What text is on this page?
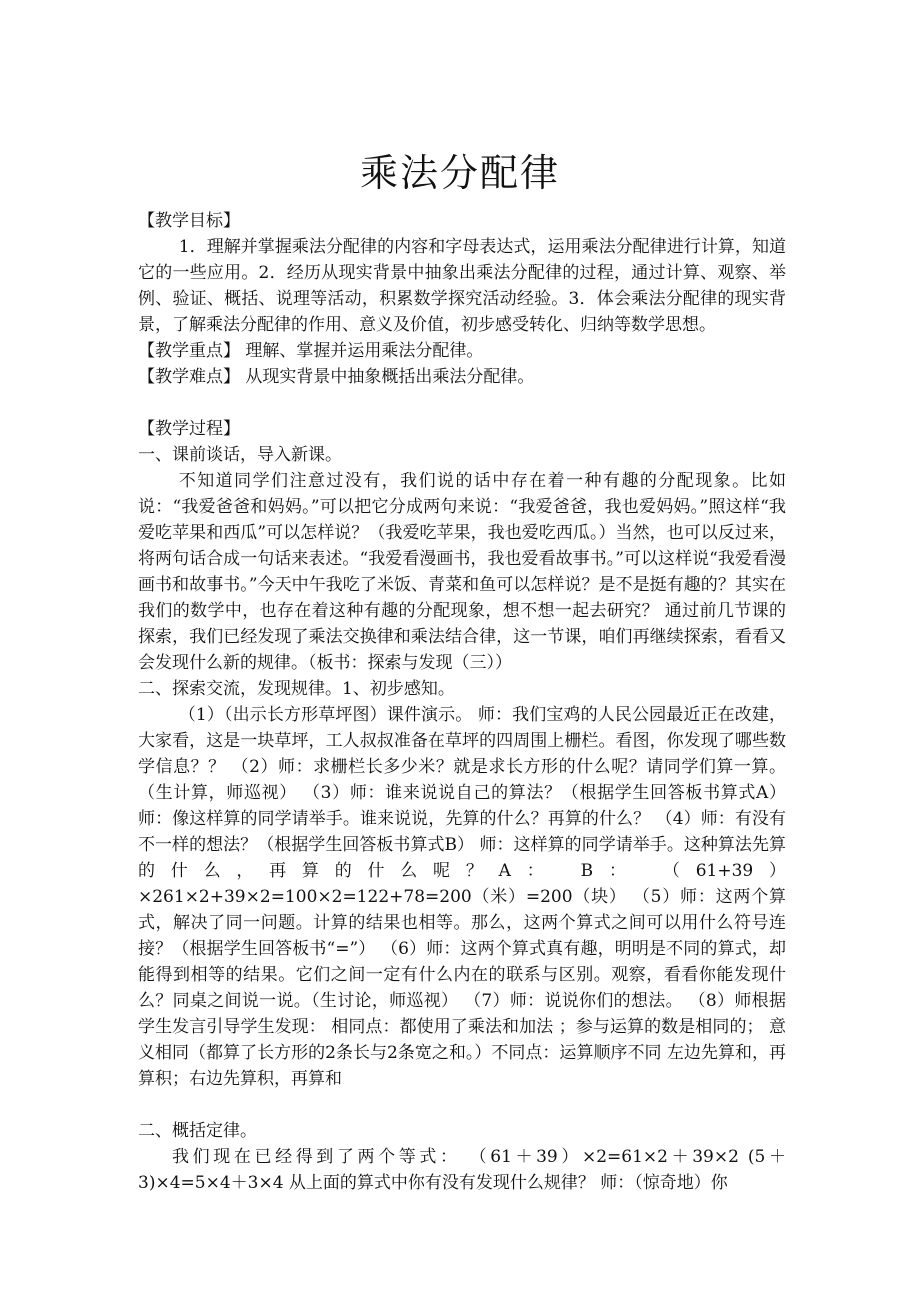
乘法分配律

【教学目标】

1．理解并掌握乘法分配律的内容和字母表达式，运用乘法分配律进行计算，知道它的一些应用。2．经历从现实背景中抽象出乘法分配律的过程，通过计算、观察、举例、验证、概括、说理等活动，积累数学探究活动经验。3．体会乘法分配律的现实背景，了解乘法分配律的作用、意义及价值，初步感受转化、归纳等数学思想。

【教学重点】 理解、掌握并运用乘法分配律。

【教学难点】 从现实背景中抽象概括出乘法分配律。

【教学过程】

一、课前谈话，导入新课。

不知道同学们注意过没有，我们说的话中存在着一种有趣的分配现象。比如说：“我爱爸爸和妈妈。”可以把它分成两句来说：“我爱爸爸，我也爱妈妈。”照这样“我爱吃苹果和西瓜”可以怎样说？（我爱吃苹果，我也爱吃西瓜。）当然，也可以反过来，将两句话合成一句话来表述。“我爱看漫画书，我也爱看故事书。”可以这样说“我爱看漫画书和故事书。”今天中午我吃了米饭、青菜和鱼可以怎样说？是不是挺有趣的？其实在我们的数学中，也存在着这种有趣的分配现象，想不想一起去研究？ 通过前几节课的探索，我们已经发现了乘法交换律和乘法结合律，这一节课，咱们再继续探索，看看又会发现什么新的规律。（板书：探索与发现（三））

二、探索交流，发现规律。1、初步感知。

（1）（出示长方形草坪图）课件演示。 师：我们宝鸡的人民公园最近正在改建，大家看，这是一块草坪，工人叔叔准备在草坪的四周围上栅栏。看图，你发现了哪些数学信息？？ （2）师：求栅栏长多少米？就是求长方形的什么呢？请同学们算一算。（生计算，师巡视） （3）师：谁来说说自己的算法？（根据学生回答板书算式A）师：像这样算的同学请举手。谁来说说，先算的什么？再算的什么？ （4）师：有没有不一样的想法？（根据学生回答板书算式B） 师：这样算的同学请举手。这种算法先算的什么，再算的什么呢？A： B： （61+39）×261×2+39×2=100×2=122+78=200（米）=200（块） （5）师：这两个算式，解决了同一问题。计算的结果也相等。那么，这两个算式之间可以用什么符号连接？（根据学生回答板书“=”） （6）师：这两个算式真有趣，明明是不同的算式，却能得到相等的结果。它们之间一定有什么内在的联系与区别。观察，看看你能发现什么？同桌之间说一说。（生讨论，师巡视） （7）师：说说你们的想法。 （8）师根据学生发言引导学生发现： 相同点：都使用了乘法和加法 ；参与运算的数是相同的； 意义相同（都算了长方形的2条长与2条宽之和。）不同点：运算顺序不同 左边先算和，再算积；右边先算积，再算和

二、概括定律。

我们现在已经得到了两个等式： （61＋39）×2=61×2＋39×2 (5＋3)×4=5×4＋3×4 从上面的算式中你有没有发现什么规律？ 师：（惊奇地）你
